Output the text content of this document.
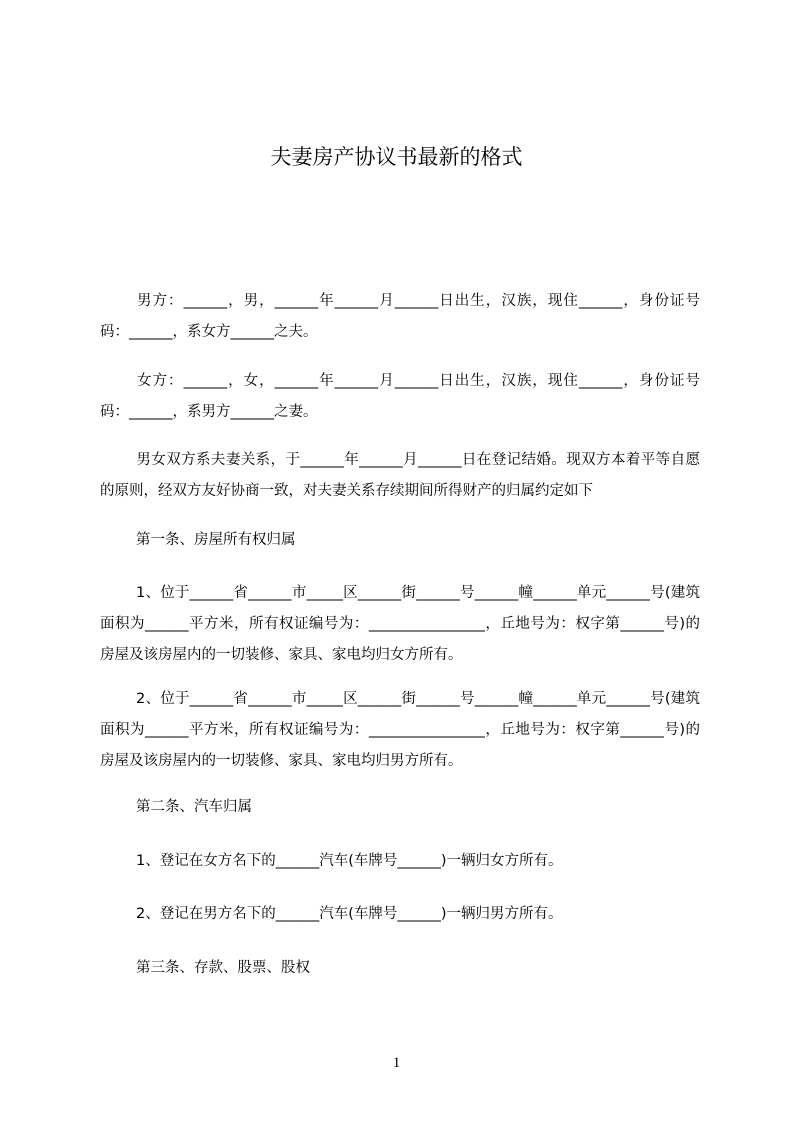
夫妻房产协议书最新的格式
男方：______，男，______年______月______日出生，汉族，现住______，身份证号码：______，系女方______之夫。
女方：______，女，______年______月______日出生，汉族，现住______，身份证号码：______，系男方______之妻。
男女双方系夫妻关系，于______年______月______日在登记结婚。现双方本着平等自愿的原则，经双方友好协商一致，对夫妻关系存续期间所得财产的归属约定如下
第一条、房屋所有权归属
1、位于______省______市_____区______街______号______幢______单元______号(建筑面积为______平方米，所有权证编号为：________________，丘地号为：权字第______号)的房屋及该房屋内的一切装修、家具、家电均归女方所有。
2、位于______省______市_____区______街______号______幢______单元______号(建筑面积为______平方米，所有权证编号为：________________，丘地号为：权字第______号)的房屋及该房屋内的一切装修、家具、家电均归男方所有。
第二条、汽车归属
1、登记在女方名下的______汽车(车牌号______)一辆归女方所有。
2、登记在男方名下的______汽车(车牌号______)一辆归男方所有。
第三条、存款、股票、股权
1
